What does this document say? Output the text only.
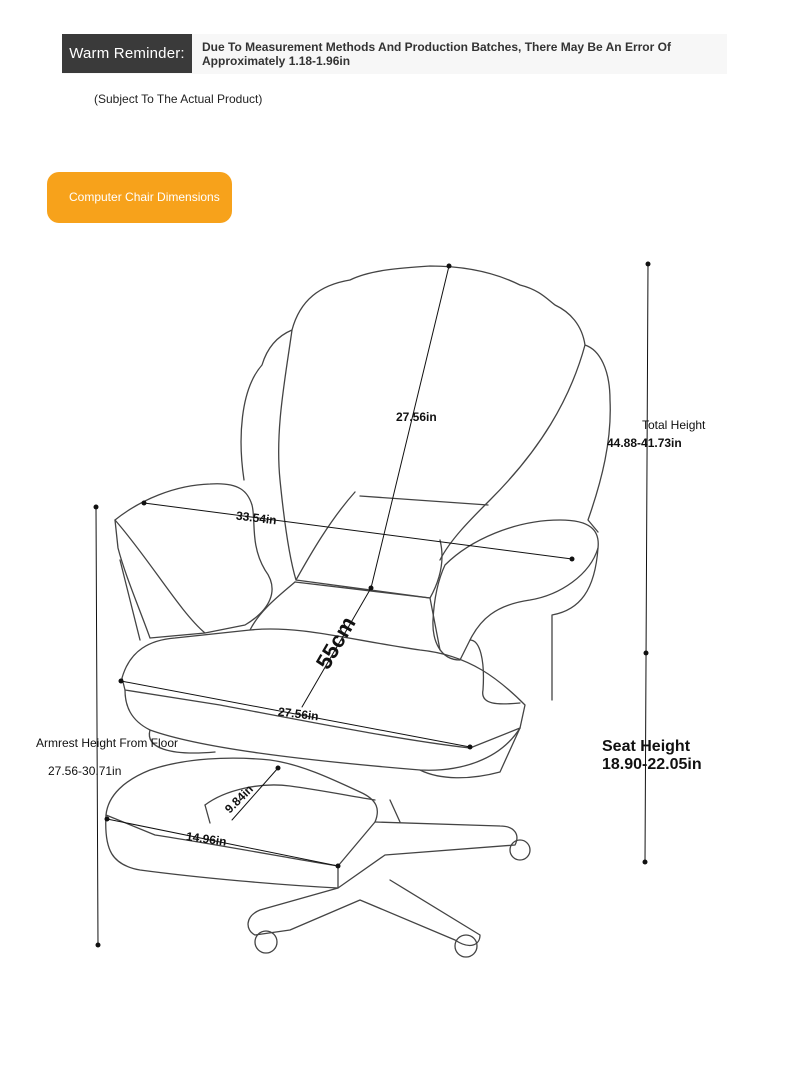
Warm Reminder:	Due To Measurement Methods And Production Batches, There May Be An Error Of Approximately 1.18-1.96in
(Subject To The Actual Product)
Computer Chair Dimensions
27.56in
33.54in
55cm
27.56in
9.84in
14.96in
Total Height
44.88-41.73in
Armrest Height From Floor
27.56-30.71in
Seat Height
18.90-22.05in
